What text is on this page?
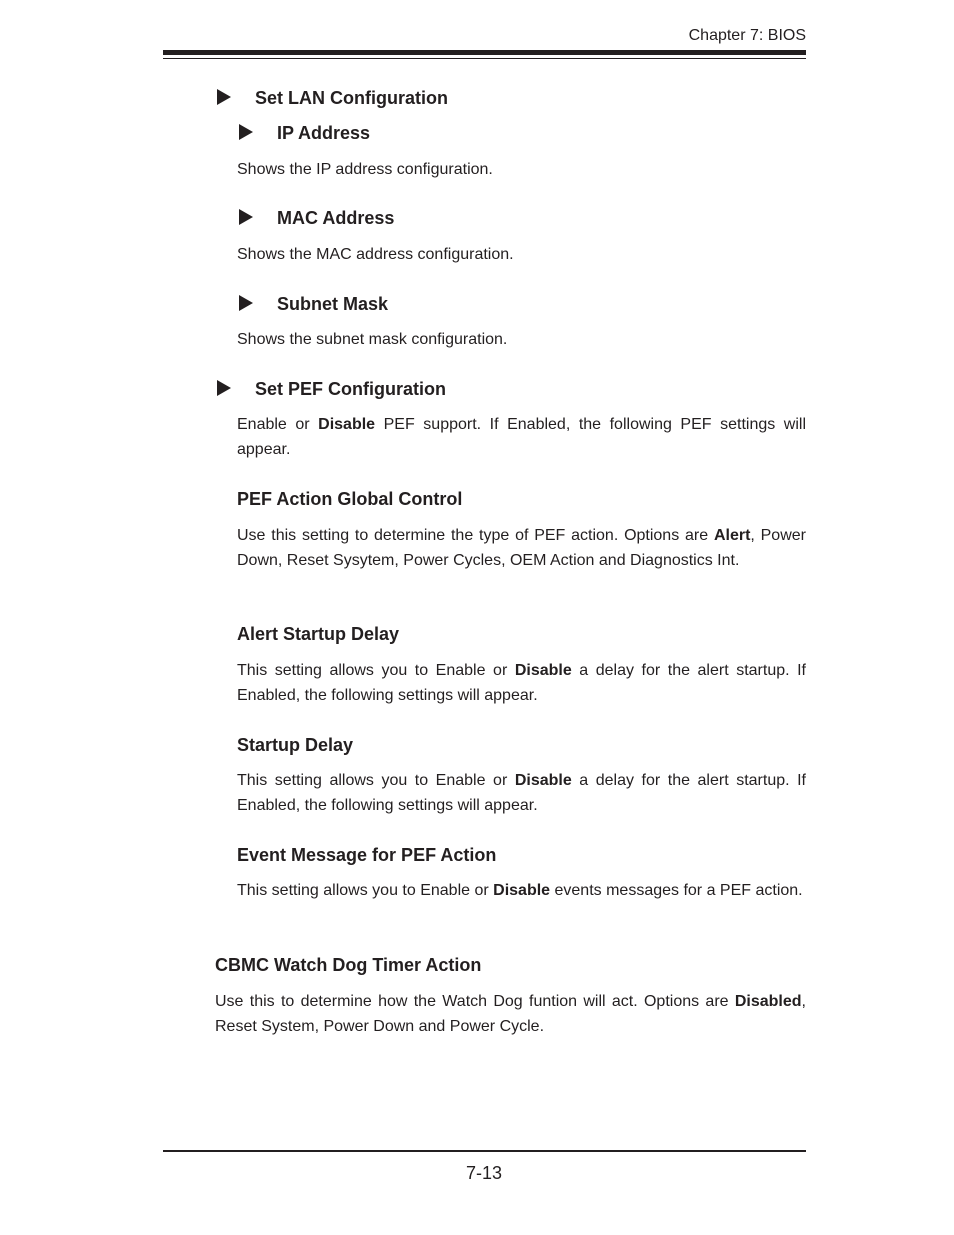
Chapter 7: BIOS
Set LAN Configuration
IP Address
Shows the IP address configuration.
MAC Address
Shows the MAC address configuration.
Subnet Mask
Shows the subnet mask configuration.
Set PEF Configuration
Enable or Disable PEF support. If Enabled, the following PEF settings will appear.
PEF Action Global Control
Use this setting to determine the type of PEF action. Options are Alert, Power Down, Reset Sysytem, Power Cycles, OEM Action and Diagnostics Int.
Alert Startup Delay
This setting allows you to Enable or Disable a delay for the alert startup. If Enabled, the following settings will appear.
Startup Delay
This setting allows you to Enable or Disable a delay for the alert startup. If Enabled, the following settings will appear.
Event Message for PEF Action
This setting allows you to Enable or Disable events messages for a PEF action.
CBMC Watch Dog Timer Action
Use this to determine how the Watch Dog funtion will act. Options are Disabled, Reset System, Power Down and Power Cycle.
7-13
